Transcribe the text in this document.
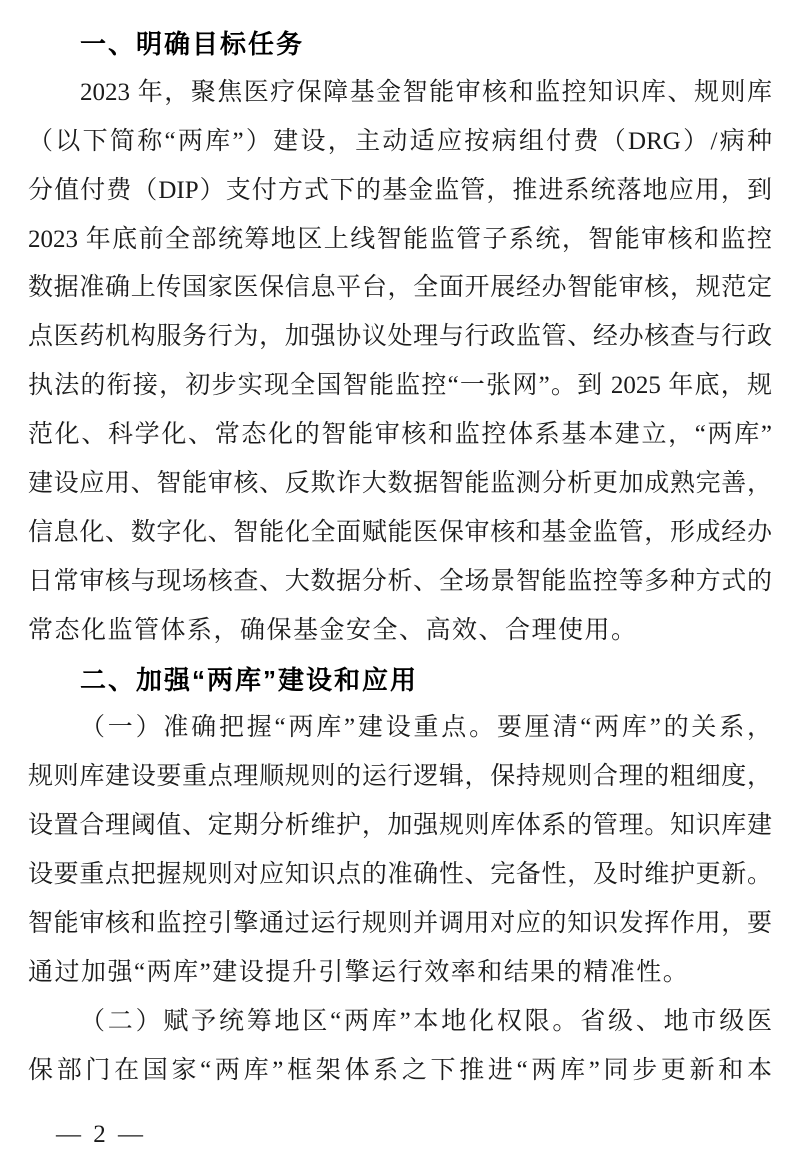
一、明确目标任务
2023 年，聚焦医疗保障基金智能审核和监控知识库、规则库
（以下简称“两库”）建设，主动适应按病组付费（DRG）/病种
分值付费（DIP）支付方式下的基金监管，推进系统落地应用，到
2023 年底前全部统筹地区上线智能监管子系统，智能审核和监控
数据准确上传国家医保信息平台，全面开展经办智能审核，规范定
点医药机构服务行为，加强协议处理与行政监管、经办核查与行政
执法的衔接，初步实现全国智能监控“一张网”。到 2025 年底，规
范化、科学化、常态化的智能审核和监控体系基本建立，“两库”
建设应用、智能审核、反欺诈大数据智能监测分析更加成熟完善，
信息化、数字化、智能化全面赋能医保审核和基金监管，形成经办
日常审核与现场核查、大数据分析、全场景智能监控等多种方式的
常态化监管体系，确保基金安全、高效、合理使用。
二、加强“两库”建设和应用
（一）准确把握“两库”建设重点。要厘清“两库”的关系，
规则库建设要重点理顺规则的运行逻辑，保持规则合理的粗细度，
设置合理阈值、定期分析维护，加强规则库体系的管理。知识库建
设要重点把握规则对应知识点的准确性、完备性，及时维护更新。
智能审核和监控引擎通过运行规则并调用对应的知识发挥作用，要
通过加强“两库”建设提升引擎运行效率和结果的精准性。
（二）赋予统筹地区“两库”本地化权限。省级、地市级医
保部门在国家“两库”框架体系之下推进“两库”同步更新和本
— 2 —
